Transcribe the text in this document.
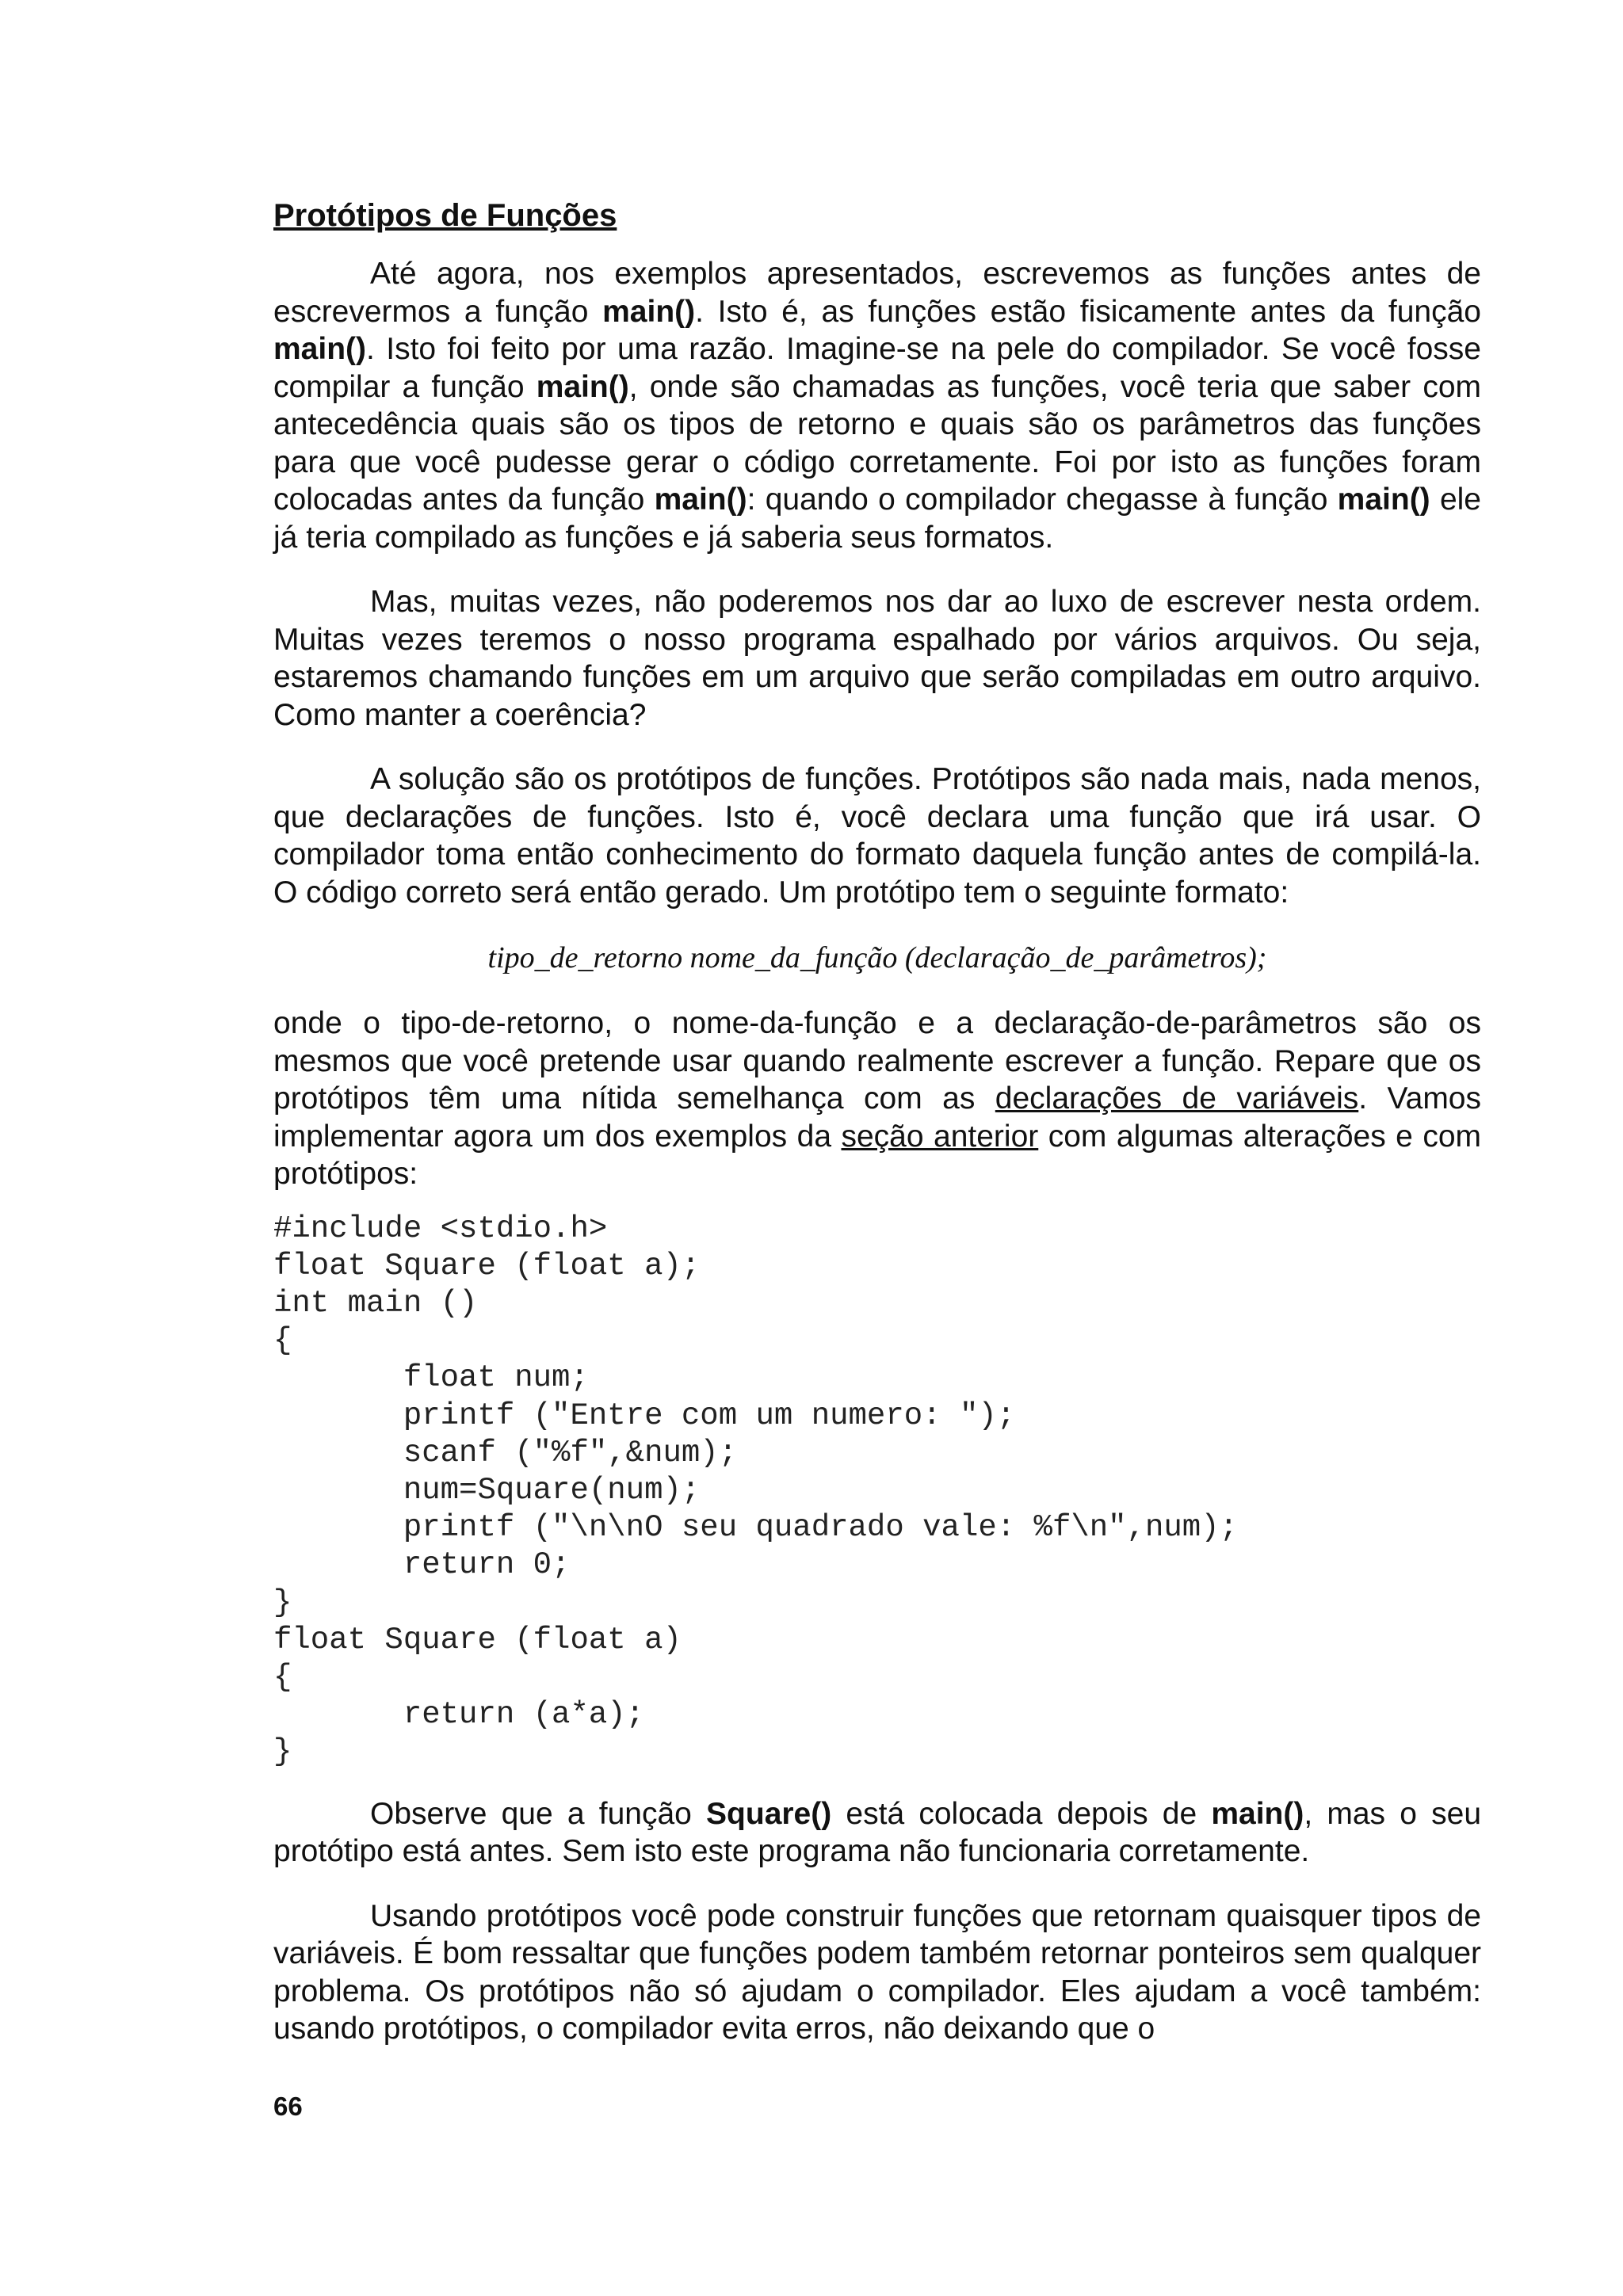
Protótipos de Funções

Até agora, nos exemplos apresentados, escrevemos as funções antes de escrevermos a função main(). Isto é, as funções estão fisicamente antes da função main(). Isto foi feito por uma razão. Imagine-se na pele do compilador. Se você fosse compilar a função main(), onde são chamadas as funções, você teria que saber com antecedência quais são os tipos de retorno e quais são os parâmetros das funções para que você pudesse gerar o código corretamente. Foi por isto as funções foram colocadas antes da função main(): quando o compilador chegasse à função main() ele já teria compilado as funções e já saberia seus formatos.

Mas, muitas vezes, não poderemos nos dar ao luxo de escrever nesta ordem. Muitas vezes teremos o nosso programa espalhado por vários arquivos. Ou seja, estaremos chamando funções em um arquivo que serão compiladas em outro arquivo. Como manter a coerência?

A solução são os protótipos de funções. Protótipos são nada mais, nada menos, que declarações de funções. Isto é, você declara uma função que irá usar. O compilador toma então conhecimento do formato daquela função antes de compilá-la. O código correto será então gerado. Um protótipo tem o seguinte formato:

tipo_de_retorno nome_da_função (declaração_de_parâmetros);

onde o tipo-de-retorno, o nome-da-função e a declaração-de-parâmetros são os mesmos que você pretende usar quando realmente escrever a função. Repare que os protótipos têm uma nítida semelhança com as declarações de variáveis. Vamos implementar agora um dos exemplos da seção anterior com algumas alterações e com protótipos:

#include <stdio.h>
float Square (float a);
int main ()
{
float num;
printf ("Entre com um numero: ");
scanf ("%f",&num);
num=Square(num);
printf ("\n\nO seu quadrado vale: %f\n",num);
return 0;
}
float Square (float a)
{
return (a*a);
}

Observe que a função Square() está colocada depois de main(), mas o seu protótipo está antes. Sem isto este programa não funcionaria corretamente.

Usando protótipos você pode construir funções que retornam quaisquer tipos de variáveis. É bom ressaltar que funções podem também retornar ponteiros sem qualquer problema. Os protótipos não só ajudam o compilador. Eles ajudam a você também: usando protótipos, o compilador evita erros, não deixando que o

66
